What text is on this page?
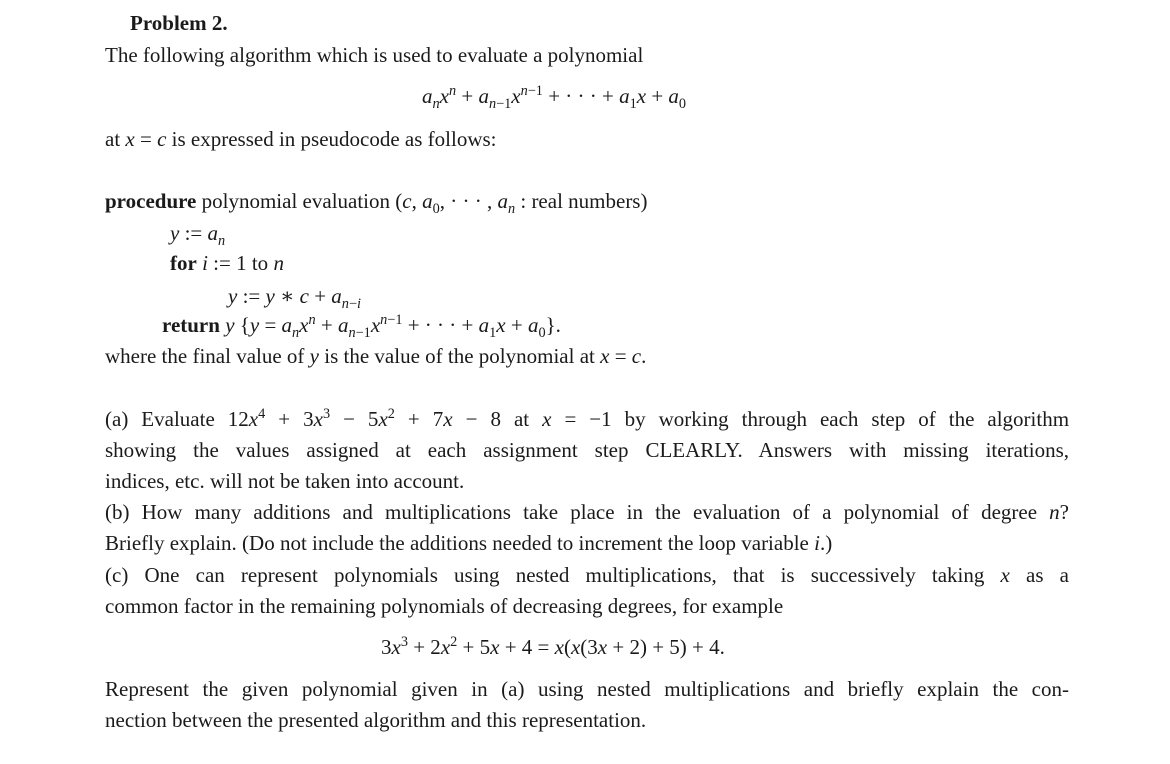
Problem 2.
The following algorithm which is used to evaluate a polynomial
$a_nx^n + a_{n-1}x^{n-1}$ + · · · + $a_1x + a_0$
at x = c is expressed in pseudocode as follows:
procedure polynomial evaluation (c, $a_0$, · · · , $a_n$ : real numbers)
y := $a_n$
for i := 1 to n
y := y ∗ $c + a_{n-i}$
return y {$y = a_nx^n + a_{n-1}x^{n-1}$ + · · · + $a_1x + a_0$}.
where the final value of y is the value of the polynomial at x = c.
(a) Evaluate $12x^4 + 3x^3 - 5x^2 + 7x - 8$ at x = −1 by working through each step of the algorithm
showing the values assigned at each assignment step CLEARLY. Answers with missing iterations,
indices, etc. will not be taken into account.
(b) How many additions and multiplications take place in the evaluation of a polynomial of degree n?
Briefly explain. (Do not include the additions needed to increment the loop variable i.)
(c) One can represent polynomials using nested multiplications, that is successively taking x as a
common factor in the remaining polynomials of decreasing degrees, for example
$3x^3 + 2x^2 + 5x + 4 = x(x(3x + 2) + 5) + 4$.
Represent the given polynomial given in (a) using nested multiplications and briefly explain the con-
nection between the presented algorithm and this representation.
